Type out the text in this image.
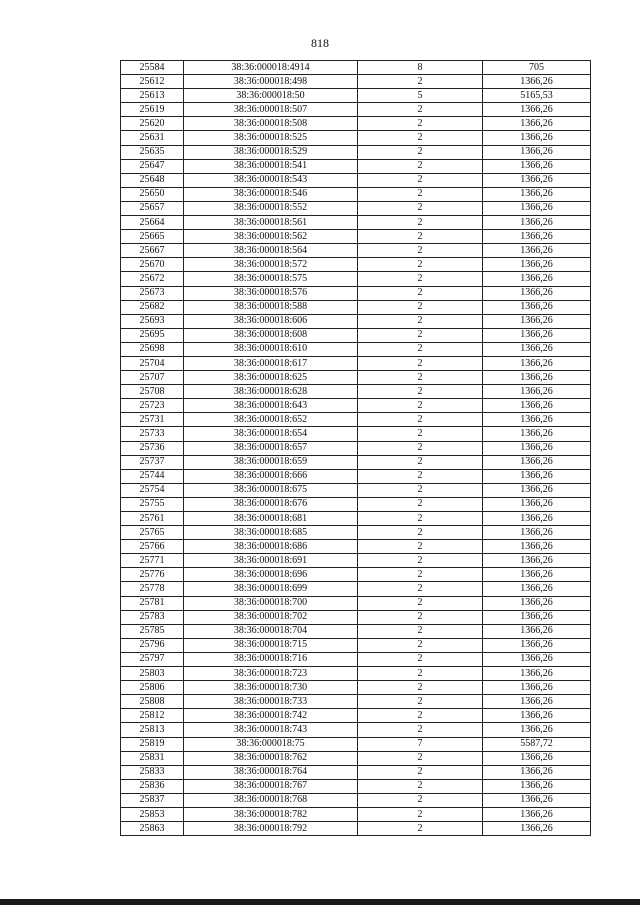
818
25584	38:36:000018:4914	8	705
25612	38:36:000018:498	2	1366,26
25613	38:36:000018:50	5	5165,53
25619	38:36:000018:507	2	1366,26
25620	38:36:000018:508	2	1366,26
25631	38:36:000018:525	2	1366,26
25635	38:36:000018:529	2	1366,26
25647	38:36:000018:541	2	1366,26
25648	38:36:000018:543	2	1366,26
25650	38:36:000018:546	2	1366,26
25657	38:36:000018:552	2	1366,26
25664	38:36:000018:561	2	1366,26
25665	38:36:000018:562	2	1366,26
25667	38:36:000018:564	2	1366,26
25670	38:36:000018:572	2	1366,26
25672	38:36:000018:575	2	1366,26
25673	38:36:000018:576	2	1366,26
25682	38:36:000018:588	2	1366,26
25693	38:36:000018:606	2	1366,26
25695	38:36:000018:608	2	1366,26
25698	38:36:000018:610	2	1366,26
25704	38:36:000018:617	2	1366,26
25707	38:36:000018:625	2	1366,26
25708	38:36:000018:628	2	1366,26
25723	38:36:000018:643	2	1366,26
25731	38:36:000018:652	2	1366,26
25733	38:36:000018:654	2	1366,26
25736	38:36:000018:657	2	1366,26
25737	38:36:000018:659	2	1366,26
25744	38:36:000018:666	2	1366,26
25754	38:36:000018:675	2	1366,26
25755	38:36:000018:676	2	1366,26
25761	38:36:000018:681	2	1366,26
25765	38:36:000018:685	2	1366,26
25766	38:36:000018:686	2	1366,26
25771	38:36:000018:691	2	1366,26
25776	38:36:000018:696	2	1366,26
25778	38:36:000018:699	2	1366,26
25781	38:36:000018:700	2	1366,26
25783	38:36:000018:702	2	1366,26
25785	38:36:000018:704	2	1366,26
25796	38:36:000018:715	2	1366,26
25797	38:36:000018:716	2	1366,26
25803	38:36:000018:723	2	1366,26
25806	38:36:000018:730	2	1366,26
25808	38:36:000018:733	2	1366,26
25812	38:36:000018:742	2	1366,26
25813	38:36:000018:743	2	1366,26
25819	38:36:000018:75	7	5587,72
25831	38:36:000018:762	2	1366,26
25833	38:36:000018:764	2	1366,26
25836	38:36:000018:767	2	1366,26
25837	38:36:000018:768	2	1366,26
25853	38:36:000018:782	2	1366,26
25863	38:36:000018:792	2	1366,26
